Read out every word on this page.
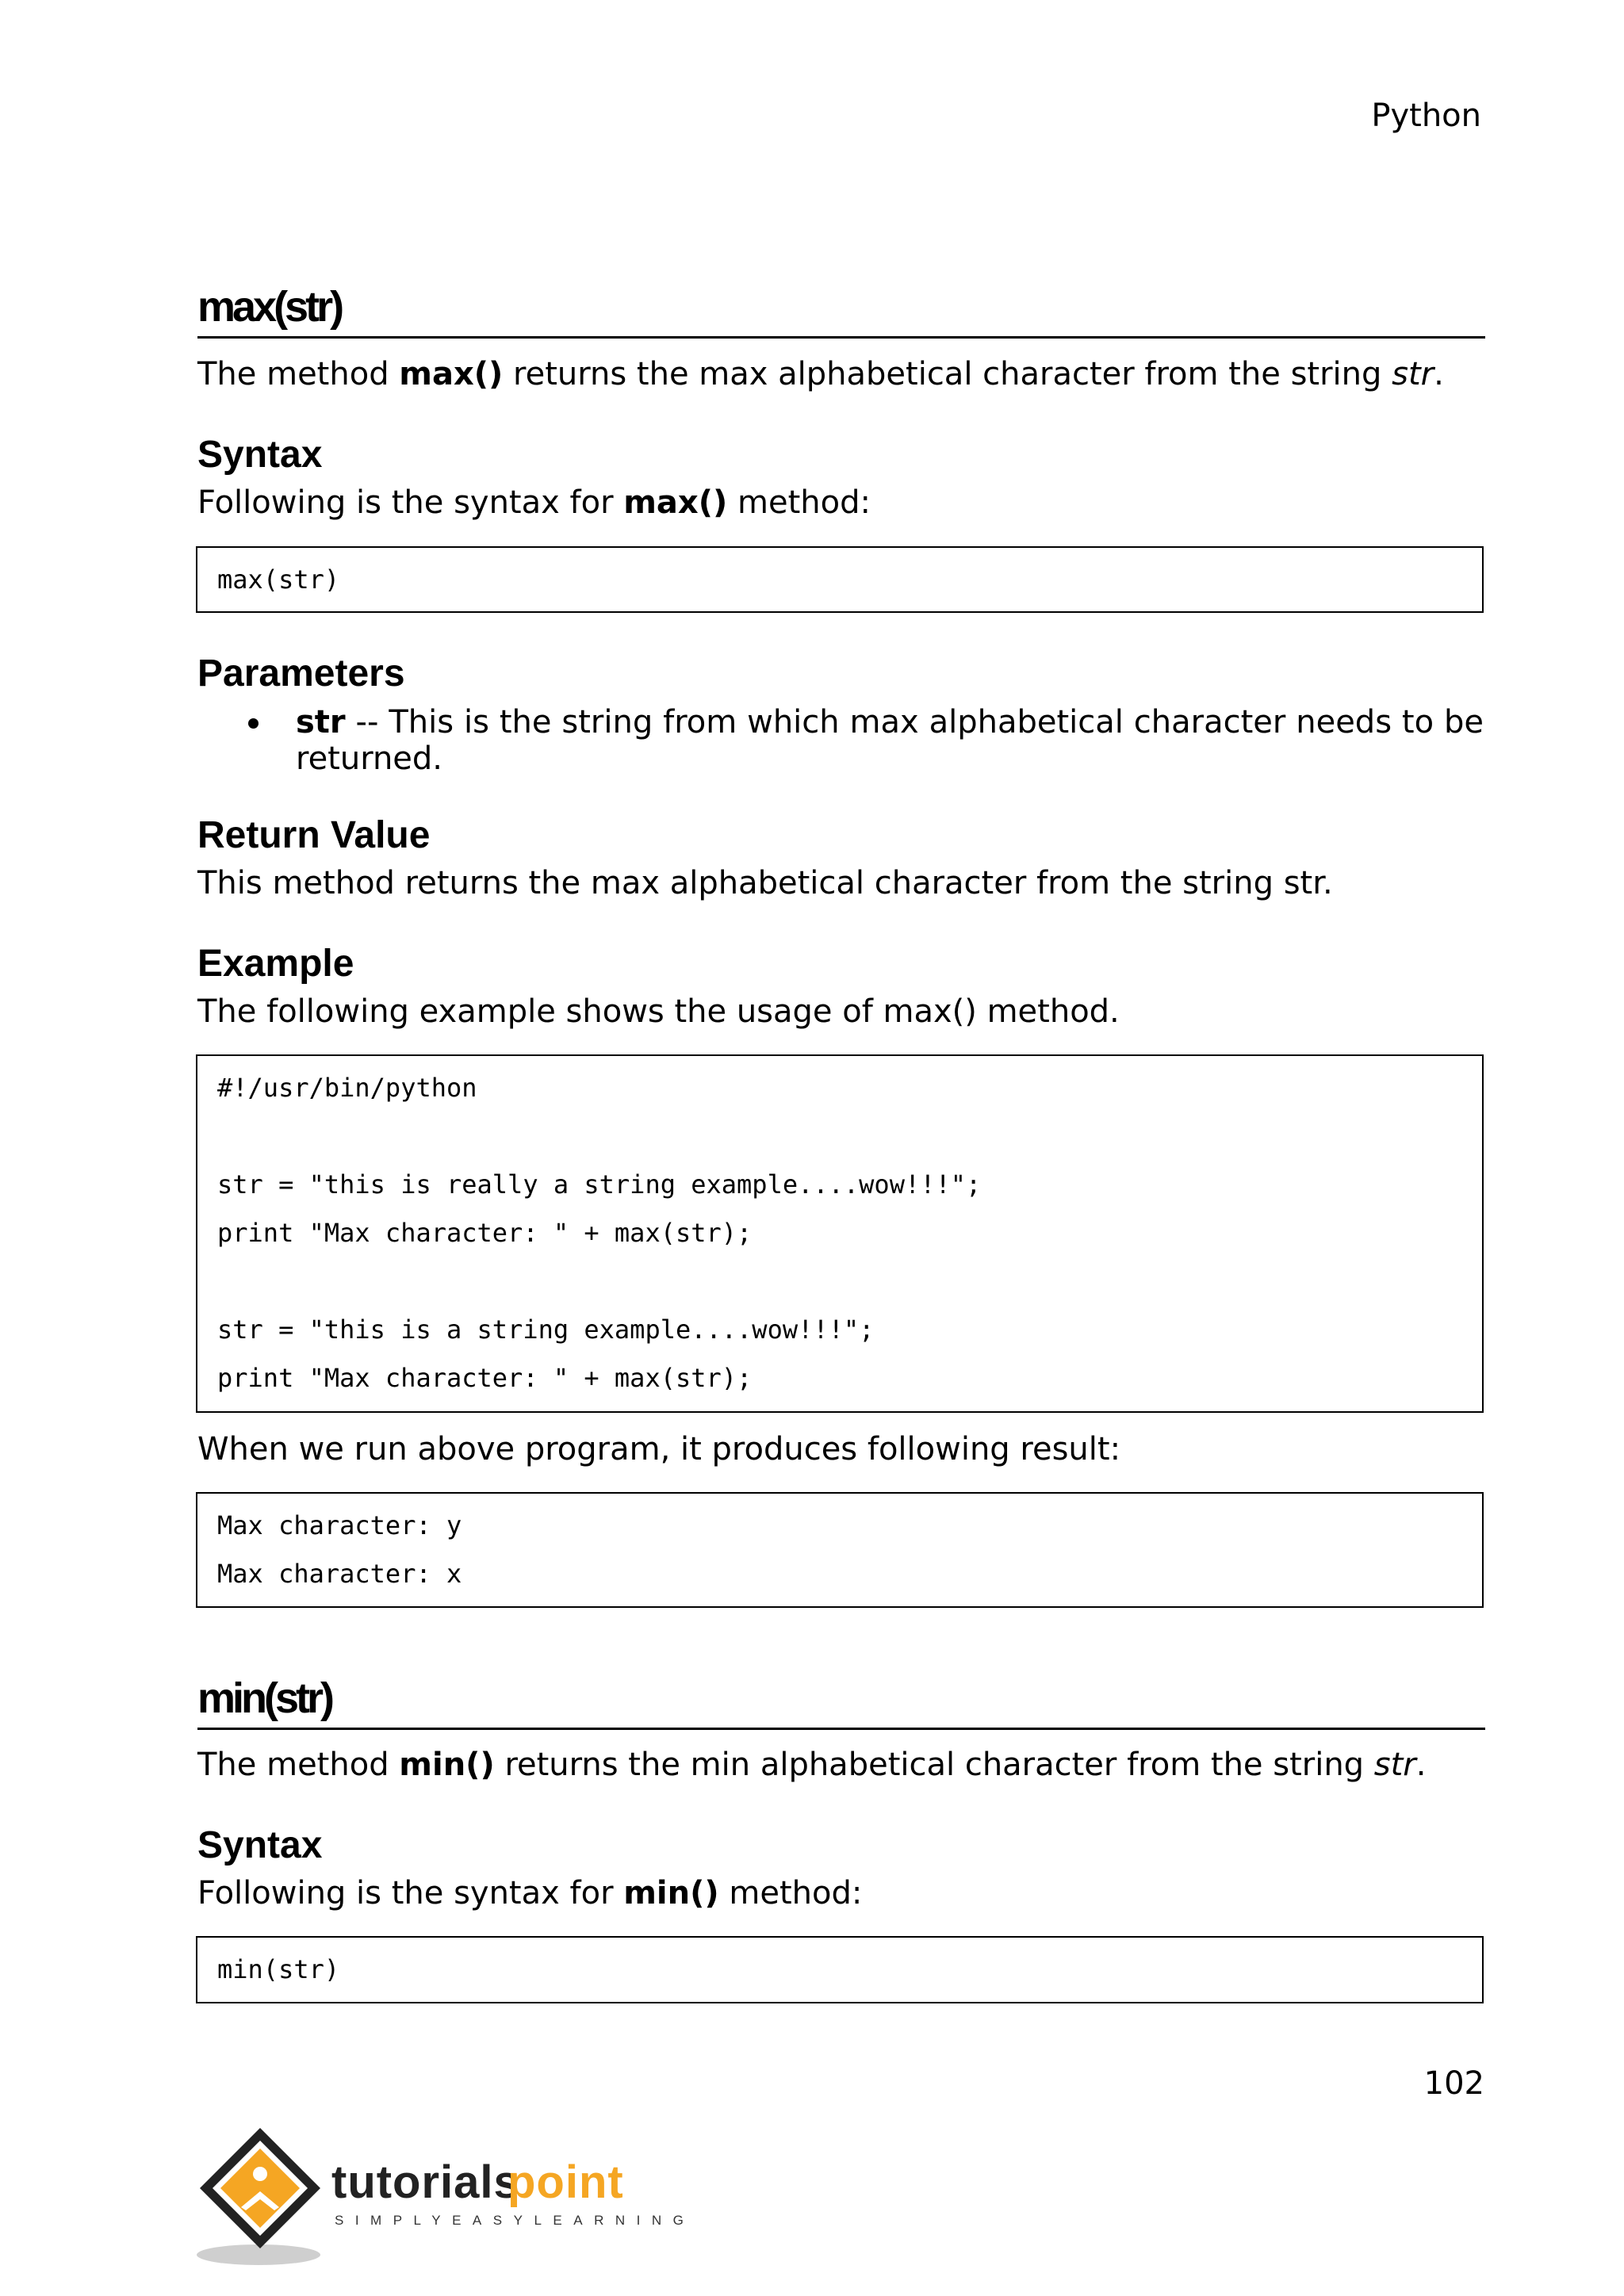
Python
max(str)
The method max() returns the max alphabetical character from the string str.
Syntax
Following is the syntax for max() method:
max(str)
Parameters
str -- This is the string from which max alphabetical character needs to be
returned.
Return Value
This method returns the max alphabetical character from the string str.
Example
The following example shows the usage of max() method.
#!/usr/bin/python
str = "this is really a string example....wow!!!";
print "Max character: " + max(str);
str = "this is a string example....wow!!!";
print "Max character: " + max(str);
When we run above program, it produces following result:
Max character: y
Max character: x
min(str)
The method min() returns the min alphabetical character from the string str.
Syntax
Following is the syntax for min() method:
min(str)
102
tutorials
point
SIMPLYEASYLEARNING
